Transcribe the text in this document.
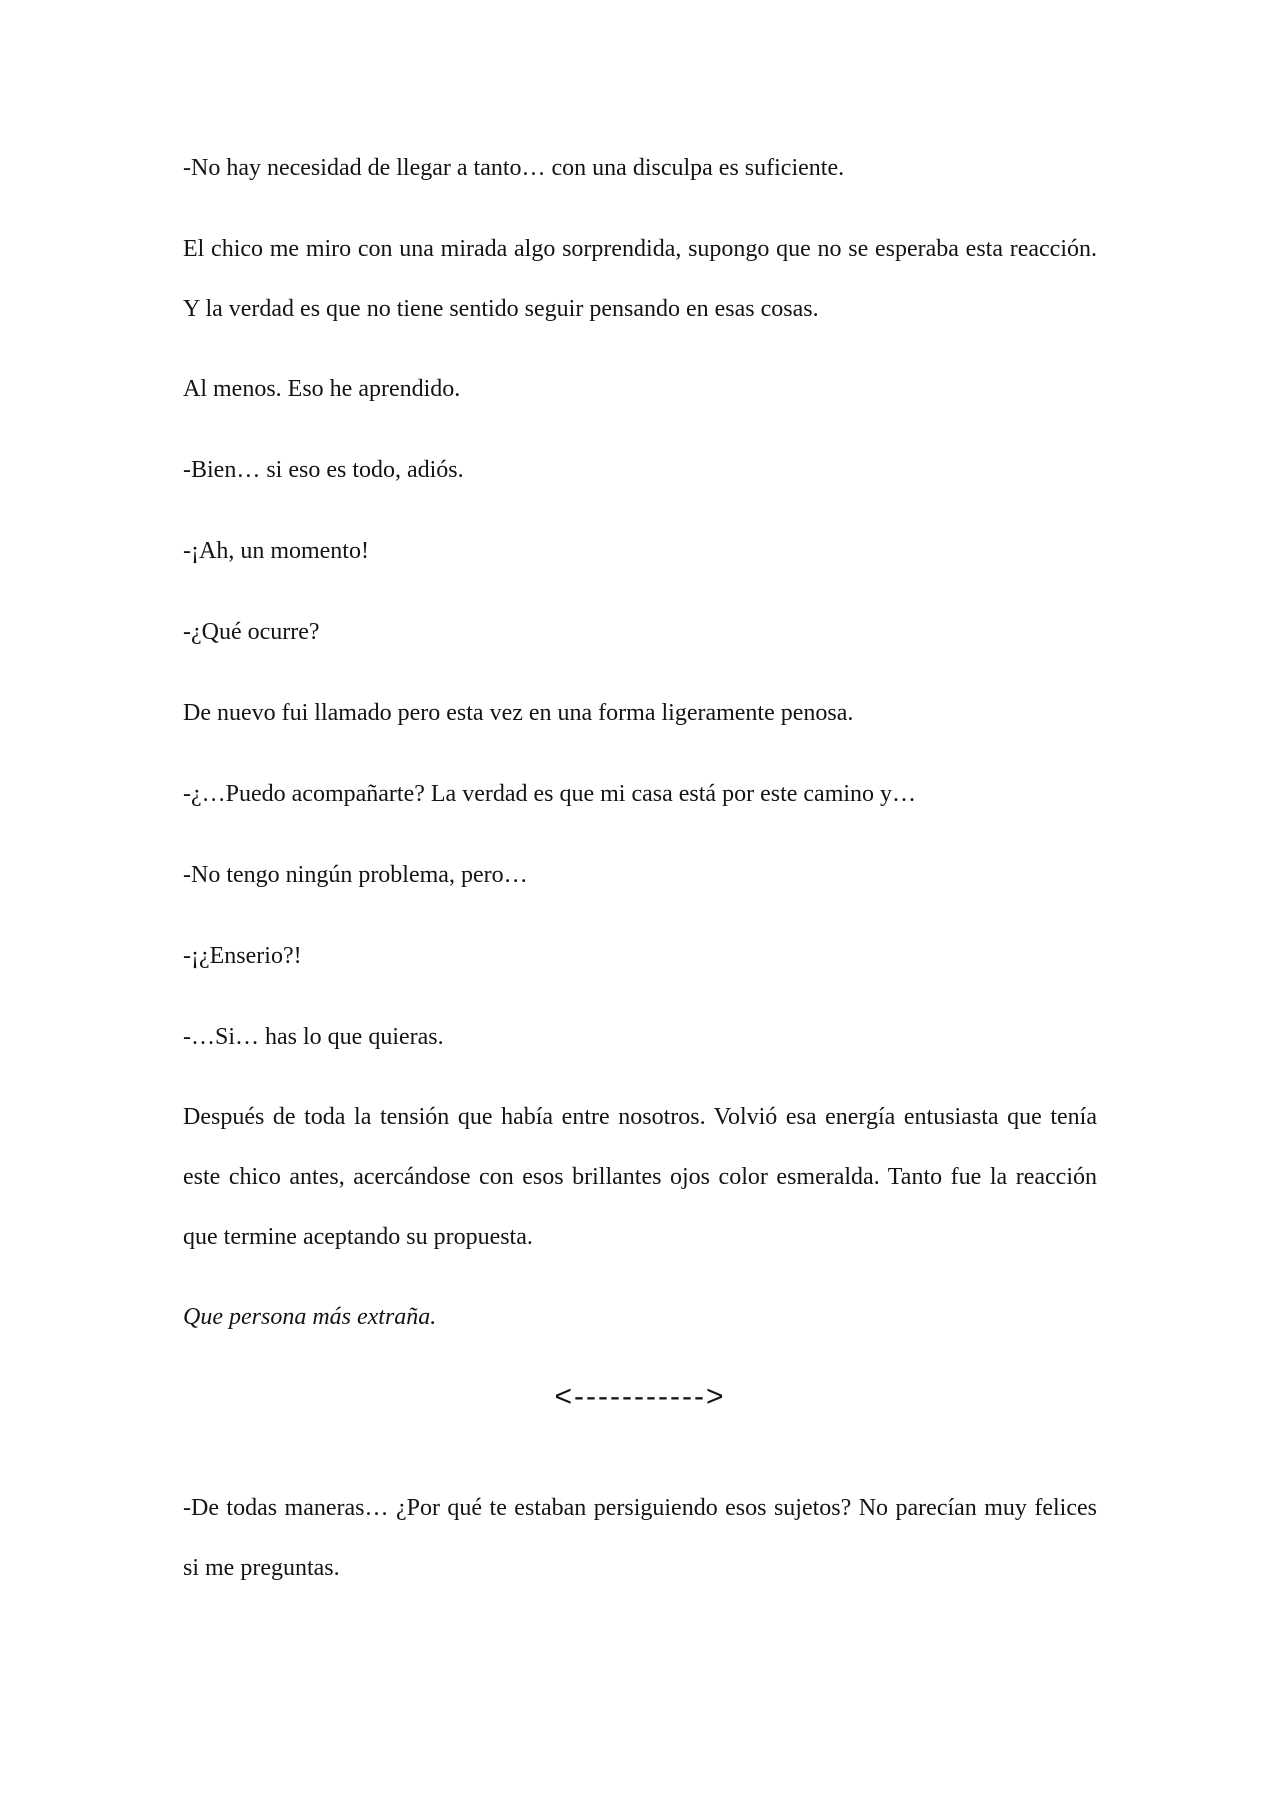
-No hay necesidad de llegar a tanto… con una disculpa es suficiente.

El chico me miro con una mirada algo sorprendida, supongo que no se esperaba esta reacción. Y la verdad es que no tiene sentido seguir pensando en esas cosas.

Al menos. Eso he aprendido.

-Bien… si eso es todo, adiós.

-¡Ah, un momento!

-¿Qué ocurre?

De nuevo fui llamado pero esta vez en una forma ligeramente penosa.

-¿…Puedo acompañarte? La verdad es que mi casa está por este camino y…

-No tengo ningún problema, pero…

-¡¿Enserio?!

-…Si… has lo que quieras.

Después de toda la tensión que había entre nosotros. Volvió esa energía entusiasta que tenía este chico antes, acercándose con esos brillantes ojos color esmeralda. Tanto fue la reacción que termine aceptando su propuesta.

Que persona más extraña.

<----------->

-De todas maneras… ¿Por qué te estaban persiguiendo esos sujetos? No parecían muy felices si me preguntas.
